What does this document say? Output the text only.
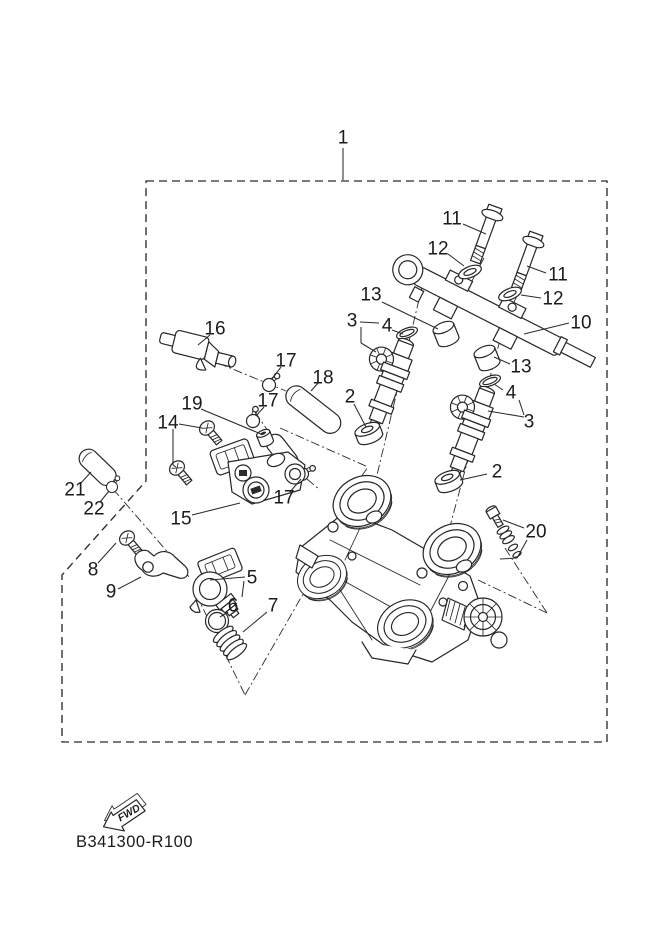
1
11
12
11
12
10
13
3 4
13
4
3
2
2
16
17
18
17
17
19
14
15
21
22
8
9
5
6 7
20
FWD
B341300-R100
